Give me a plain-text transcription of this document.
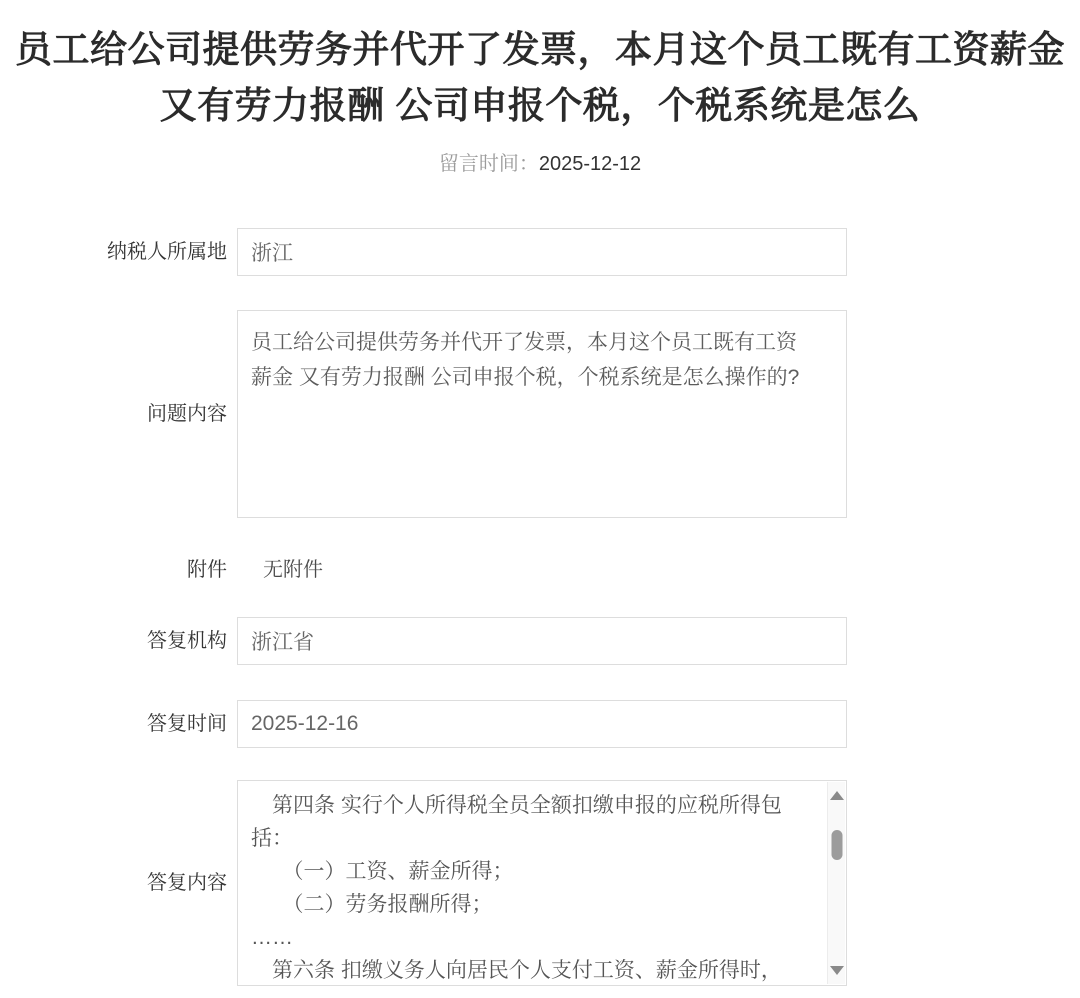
员工给公司提供劳务并代开了发票，本月这个员工既有工资薪金
又有劳力报酬 公司申报个税，个税系统是怎么
留言时间：2025-12-12
纳税人所属地 浙江
问题内容
员工给公司提供劳务并代开了发票，本月这个员工既有工资
薪金 又有劳力报酬 公司申报个税，个税系统是怎么操作的?
附件	无附件
答复机构 浙江省
答复时间 2025-12-16
答复内容
　第四条 实行个人所得税全员全额扣缴申报的应税所得包
括：
　　（一）工资、薪金所得；
　　（二）劳务报酬所得；
……
　第六条 扣缴义务人向居民个人支付工资、薪金所得时，
